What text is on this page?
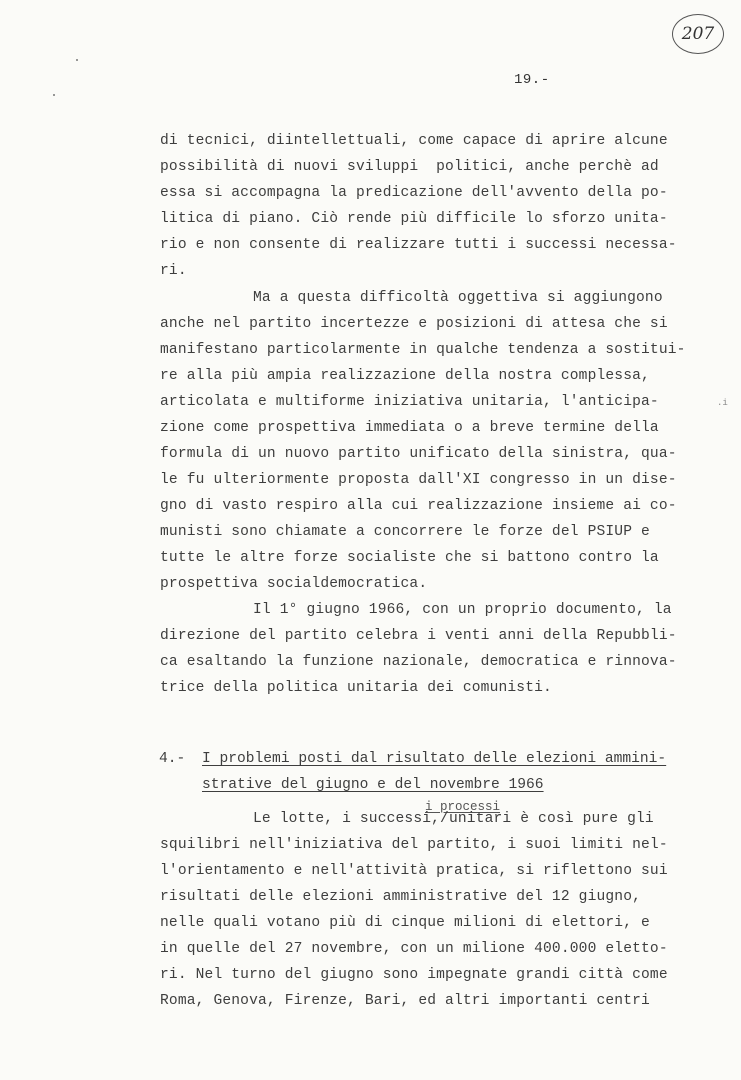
207
19.-
.i
di tecnici, diintellettuali, come capace di aprire alcune
possibilità di nuovi sviluppi  politici, anche perchè ad
essa si accompagna la predicazione dell'avvento della po-
litica di piano. Ciò rende più difficile lo sforzo unita-
rio e non consente di realizzare tutti i successi necessa-
ri.
Ma a questa difficoltà oggettiva si aggiungono
anche nel partito incertezze e posizioni di attesa che si
manifestano particolarmente in qualche tendenza a sostitui-
re alla più ampia realizzazione della nostra complessa,
articolata e multiforme iniziativa unitaria, l'anticipa-
zione come prospettiva immediata o a breve termine della
formula di un nuovo partito unificato della sinistra, qua-
le fu ulteriormente proposta dall'XI congresso in un dise-
gno di vasto respiro alla cui realizzazione insieme ai co-
munisti sono chiamate a concorrere le forze del PSIUP e
tutte le altre forze socialiste che si battono contro la
prospettiva socialdemocratica.
Il 1° giugno 1966, con un proprio documento, la
direzione del partito celebra i venti anni della Repubbli-
ca esaltando la funzione nazionale, democratica e rinnova-
trice della politica unitaria dei comunisti.
4.- I problemi posti dal risultato delle elezioni ammini-
strative del giugno e del novembre 1966
i processi
Le lotte, i successi,/unitari è così pure gli
squilibri nell'iniziativa del partito, i suoi limiti nel-
l'orientamento e nell'attività pratica, si riflettono sui
risultati delle elezioni amministrative del 12 giugno,
nelle quali votano più di cinque milioni di elettori, e
in quelle del 27 novembre, con un milione 400.000 eletto-
ri. Nel turno del giugno sono impegnate grandi città come
Roma, Genova, Firenze, Bari, ed altri importanti centri
